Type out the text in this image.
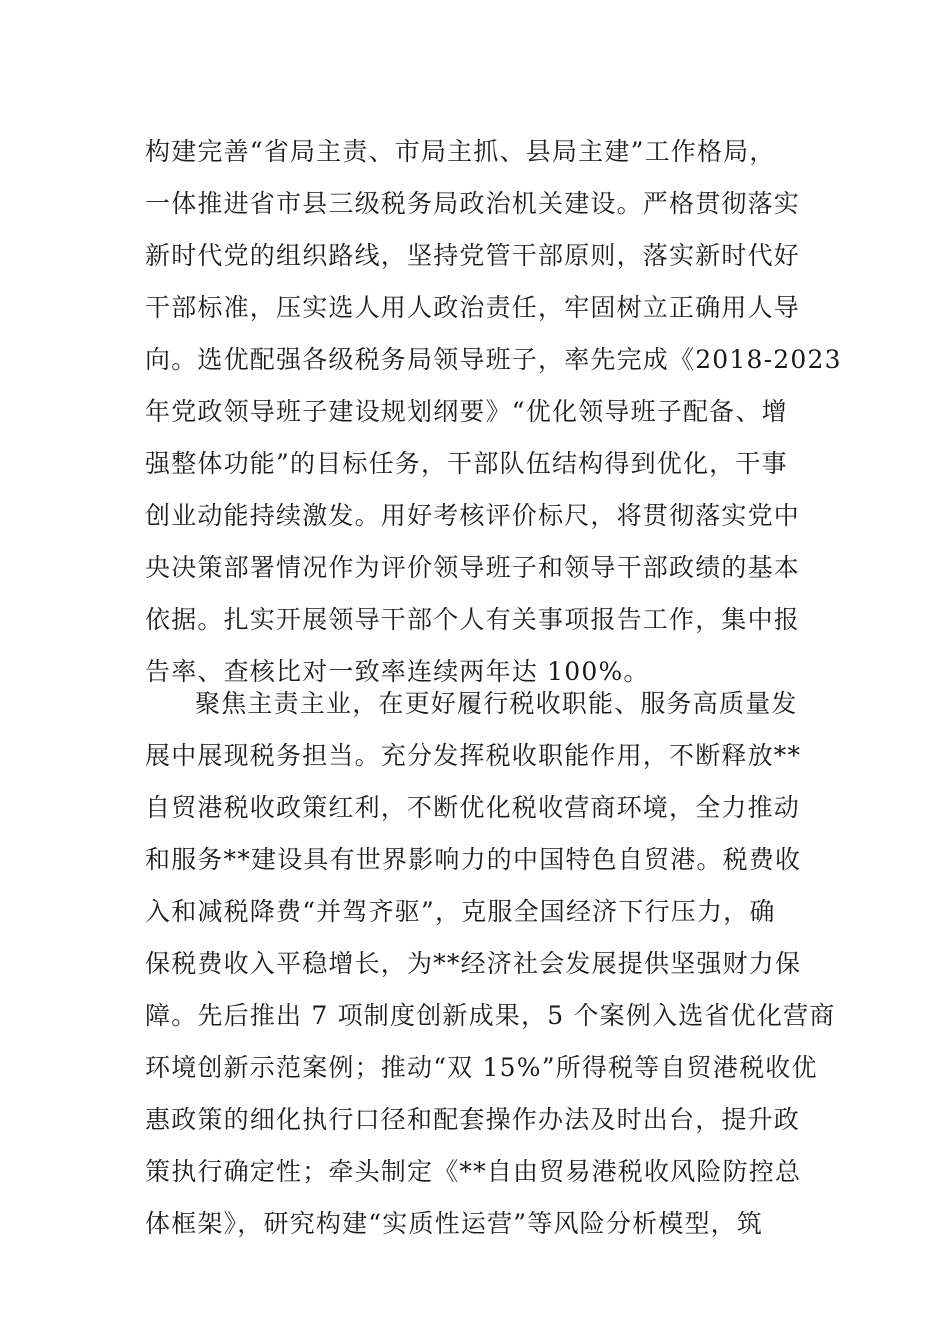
构建完善“省局主责、市局主抓、县局主建”工作格局，
一体推进省市县三级税务局政治机关建设。严格贯彻落实
新时代党的组织路线，坚持党管干部原则，落实新时代好
干部标准，压实选人用人政治责任，牢固树立正确用人导
向。选优配强各级税务局领导班子，率先完成《2018-2023
年党政领导班子建设规划纲要》“优化领导班子配备、增
强整体功能”的目标任务，干部队伍结构得到优化，干事
创业动能持续激发。用好考核评价标尺，将贯彻落实党中
央决策部署情况作为评价领导班子和领导干部政绩的基本
依据。扎实开展领导干部个人有关事项报告工作，集中报
告率、查核比对一致率连续两年达 100%。
聚焦主责主业，在更好履行税收职能、服务高质量发
展中展现税务担当。充分发挥税收职能作用，不断释放**
自贸港税收政策红利，不断优化税收营商环境，全力推动
和服务**建设具有世界影响力的中国特色自贸港。税费收
入和减税降费“并驾齐驱”，克服全国经济下行压力，确
保税费收入平稳增长，为**经济社会发展提供坚强财力保
障。先后推出 7 项制度创新成果，5 个案例入选省优化营商
环境创新示范案例；推动“双 15%”所得税等自贸港税收优
惠政策的细化执行口径和配套操作办法及时出台，提升政
策执行确定性；牵头制定《**自由贸易港税收风险防控总
体框架》，研究构建“实质性运营”等风险分析模型，筑
